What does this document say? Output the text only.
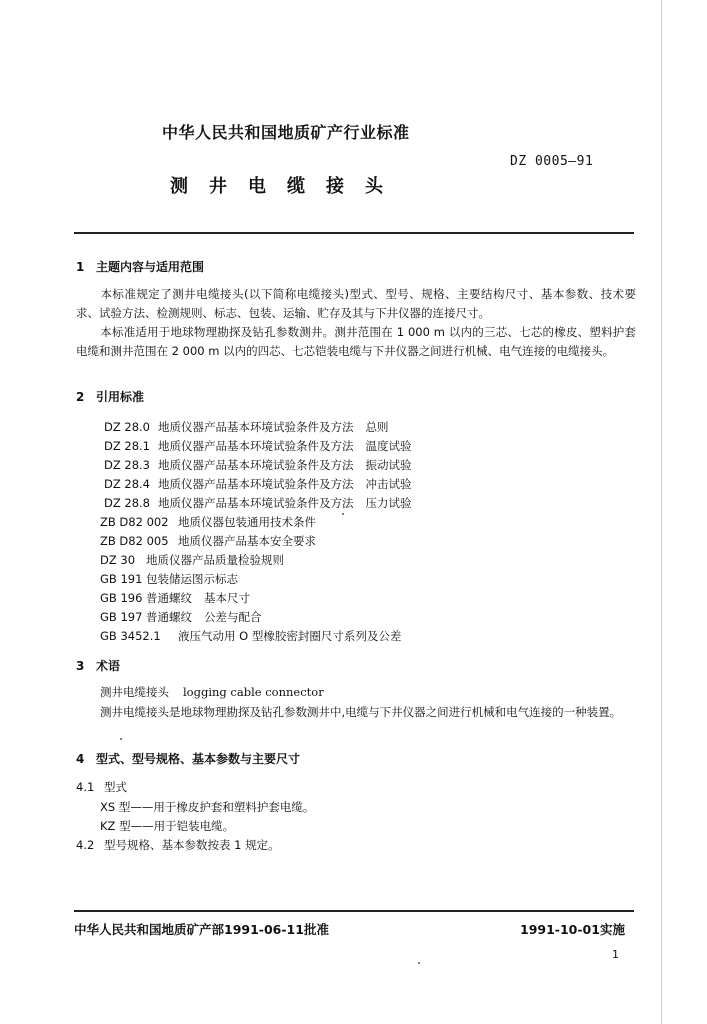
中华人民共和国地质矿产行业标准
DZ 0005—91
测井电缆接头
1 主题内容与适用范围
本标准规定了测井电缆接头(以下简称电缆接头)型式、型号、规格、主要结构尺寸、基本参数、技术要求、试验方法、检测规则、标志、包装、运输、贮存及其与下井仪器的连接尺寸。
本标准适用于地球物理勘探及钻孔参数测井。测井范围在 1 000 m 以内的三芯、七芯的橡皮、塑料护套电缆和测井范围在 2 000 m 以内的四芯、七芯铠装电缆与下井仪器之间进行机械、电气连接的电缆接头。
2 引用标准
DZ 28.0 地质仪器产品基本环境试验条件及方法 总则
DZ 28.1 地质仪器产品基本环境试验条件及方法 温度试验
DZ 28.3 地质仪器产品基本环境试验条件及方法 振动试验
DZ 28.4 地质仪器产品基本环境试验条件及方法 冲击试验
DZ 28.8 地质仪器产品基本环境试验条件及方法 压力试验
ZB D82 002 地质仪器包装通用技术条件
ZB D82 005 地质仪器产品基本安全要求
DZ 30 地质仪器产品质量检验规则
GB 191 包装储运图示标志
GB 196 普通螺纹 基本尺寸
GB 197 普通螺纹 公差与配合
GB 3452.1 液压气动用 O 型橡胶密封圈尺寸系列及公差
3 术语
测井电缆接头 logging cable connector
测井电缆接头是地球物理勘探及钻孔参数测井中,电缆与下井仪器之间进行机械和电气连接的一种装置。
4 型式、型号规格、基本参数与主要尺寸
4.1 型式
XS 型——用于橡皮护套和塑料护套电缆。
KZ 型——用于铠装电缆。
4.2 型号规格、基本参数按表 1 规定。
中华人民共和国地质矿产部1991-06-11批准	1991-10-01实施
1
